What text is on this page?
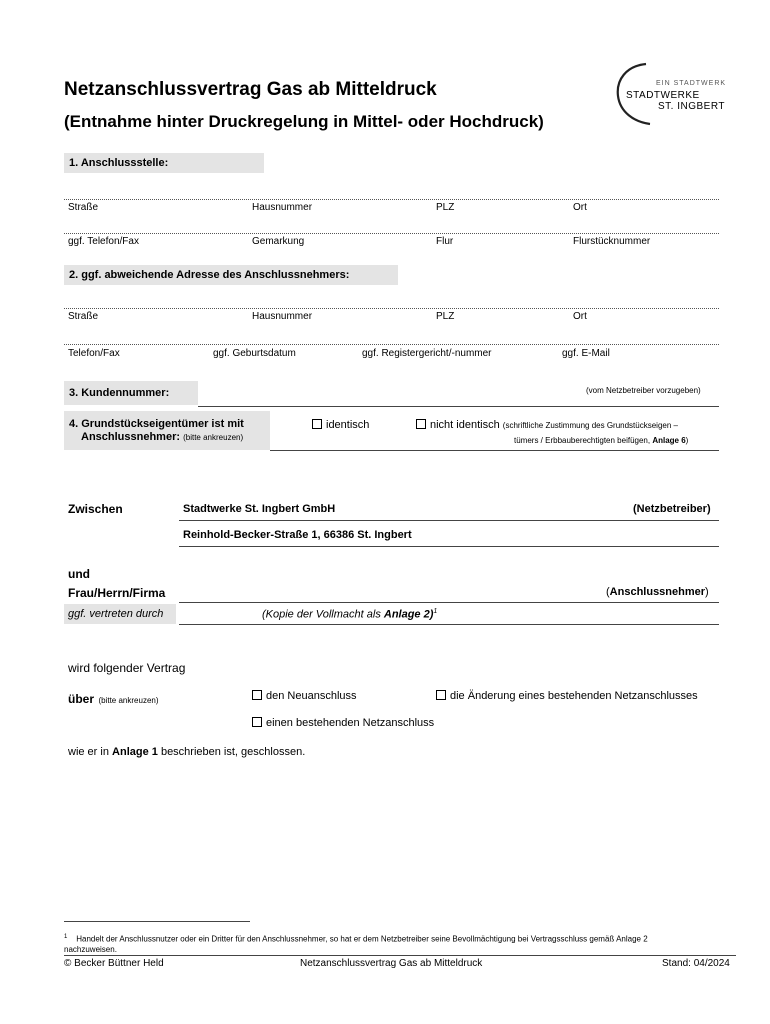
Netzanschlussvertrag Gas ab Mitteldruck
(Entnahme hinter Druckregelung in Mittel- oder Hochdruck)
EIN STADTWERK
STADTWERKE
ST. INGBERT
1. Anschlussstelle:
Straße	Hausnummer	PLZ	Ort
ggf. Telefon/Fax	Gemarkung	Flur	Flurstücknummer
2. ggf. abweichende Adresse des Anschlussnehmers:
Straße	Hausnummer	PLZ	Ort
Telefon/Fax	ggf. Geburtsdatum	ggf. Registergericht/-nummer	ggf. E-Mail
3. Kundennummer:	(vom Netzbetreiber vorzugeben)
4. Grundstückseigentümer ist mit
Anschlussnehmer: (bitte ankreuzen)
identisch	nicht identisch (schriftliche Zustimmung des Grundstückseigen –
tümers / Erbbauberechtigten beifügen, Anlage 6)
Zwischen	Stadtwerke St. Ingbert GmbH	(Netzbetreiber)
Reinhold-Becker-Straße 1, 66386 St. Ingbert
und
Frau/Herrn/Firma	(Anschlussnehmer)
ggf. vertreten durch	(Kopie der Vollmacht als Anlage 2)$^1$
wird folgender Vertrag
über (bitte ankreuzen)	den Neuanschluss	die Änderung eines bestehenden Netzanschlusses
einen bestehenden Netzanschluss
wie er in Anlage 1 beschrieben ist, geschlossen.
$^1$ Handelt der Anschlussnutzer oder ein Dritter für den Anschlussnehmer, so hat er dem Netzbetreiber seine Bevollmächtigung bei Vertragsschluss gemäß Anlage 2
nachzuweisen.
© Becker Büttner Held	Netzanschlussvertrag Gas ab Mitteldruck	Stand: 04/2024
